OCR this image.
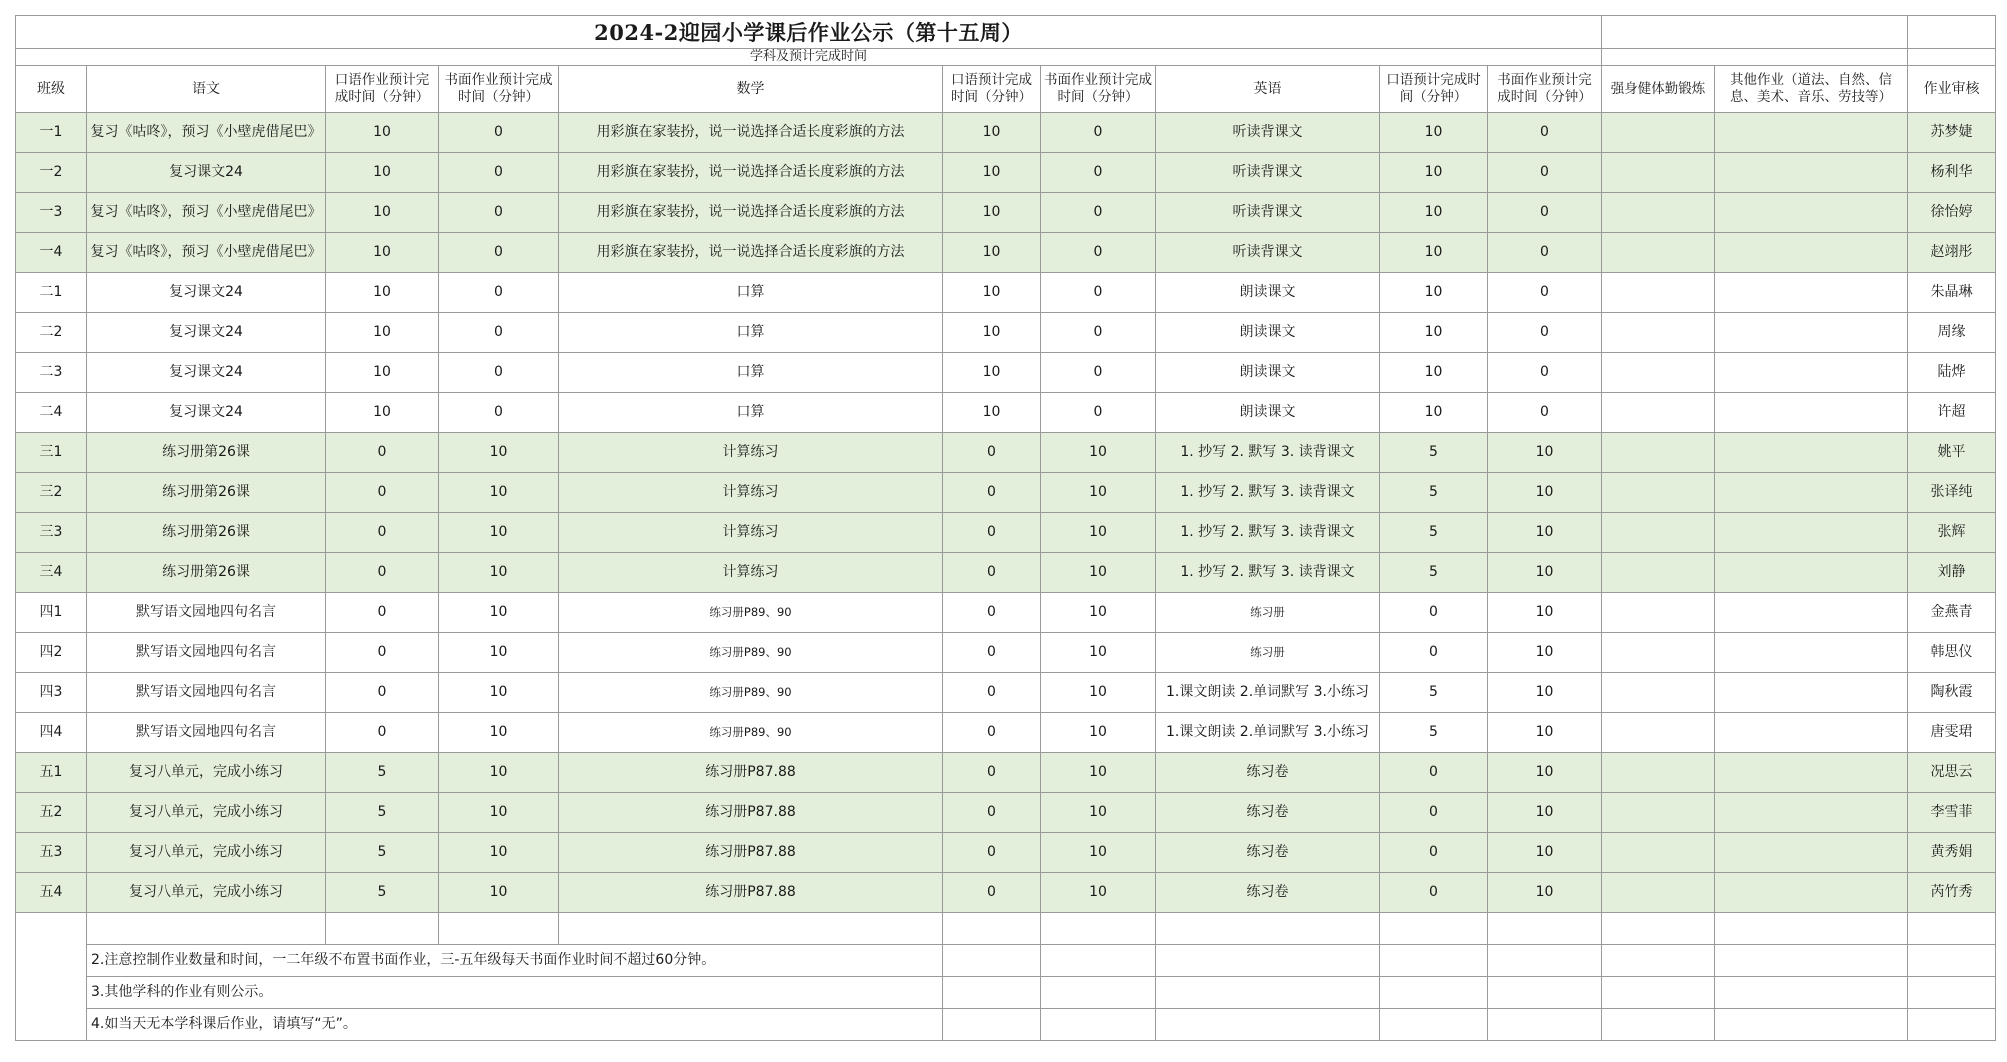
2024-2迎园小学课后作业公示（第十五周）												
学科及预计完成时间												
班级	语文	口语作业预计完成时间（分钟）	书面作业预计完成时间（分钟）	数学	口语预计完成时间（分钟）	书面作业预计完成时间（分钟）	英语	口语预计完成时间（分钟）	书面作业预计完成时间（分钟）	强身健体勤锻炼	其他作业（道法、自然、信息、美术、音乐、劳技等）	作业审核
一1	复习《咕咚》，预习《小壁虎借尾巴》	10	0	用彩旗在家装扮，说一说选择合适长度彩旗的方法	10	0	听读背课文	10	0			苏梦婕
一2	复习课文24	10	0	用彩旗在家装扮，说一说选择合适长度彩旗的方法	10	0	听读背课文	10	0			杨利华
一3	复习《咕咚》，预习《小壁虎借尾巴》	10	0	用彩旗在家装扮，说一说选择合适长度彩旗的方法	10	0	听读背课文	10	0			徐怡婷
一4	复习《咕咚》，预习《小壁虎借尾巴》	10	0	用彩旗在家装扮，说一说选择合适长度彩旗的方法	10	0	听读背课文	10	0			赵翊彤
二1	复习课文24	10	0	口算	10	0	朗读课文	10	0			朱晶琳
二2	复习课文24	10	0	口算	10	0	朗读课文	10	0			周缘
二3	复习课文24	10	0	口算	10	0	朗读课文	10	0			陆烨
二4	复习课文24	10	0	口算	10	0	朗读课文	10	0			许超
三1	练习册第26课	0	10	计算练习	0	10	1. 抄写 2. 默写 3. 读背课文	5	10			姚平
三2	练习册第26课	0	10	计算练习	0	10	1. 抄写 2. 默写 3. 读背课文	5	10			张译纯
三3	练习册第26课	0	10	计算练习	0	10	1. 抄写 2. 默写 3. 读背课文	5	10			张辉
三4	练习册第26课	0	10	计算练习	0	10	1. 抄写 2. 默写 3. 读背课文	5	10			刘静
四1	默写语文园地四句名言	0	10	练习册P89、90	0	10	练习册	0	10			金燕青
四2	默写语文园地四句名言	0	10	练习册P89、90	0	10	练习册	0	10			韩思仪
四3	默写语文园地四句名言	0	10	练习册P89、90	0	10	1.课文朗读 2.单词默写 3.小练习	5	10			陶秋霞
四4	默写语文园地四句名言	0	10	练习册P89、90	0	10	1.课文朗读 2.单词默写 3.小练习	5	10			唐雯珺
五1	复习八单元，完成小练习	5	10	练习册P87.88	0	10	练习卷	0	10			况思云
五2	复习八单元，完成小练习	5	10	练习册P87.88	0	10	练习卷	0	10			李雪菲
五3	复习八单元，完成小练习	5	10	练习册P87.88	0	10	练习卷	0	10			黄秀娟
五4	复习八单元，完成小练习	5	10	练习册P87.88	0	10	练习卷	0	10			芮竹秀

	2.注意控制作业数量和时间，一二年级不布置书面作业，三-五年级每天书面作业时间不超过60分钟。											
	3.其他学科的作业有则公示。											
	4.如当天无本学科课后作业，请填写“无”。											
